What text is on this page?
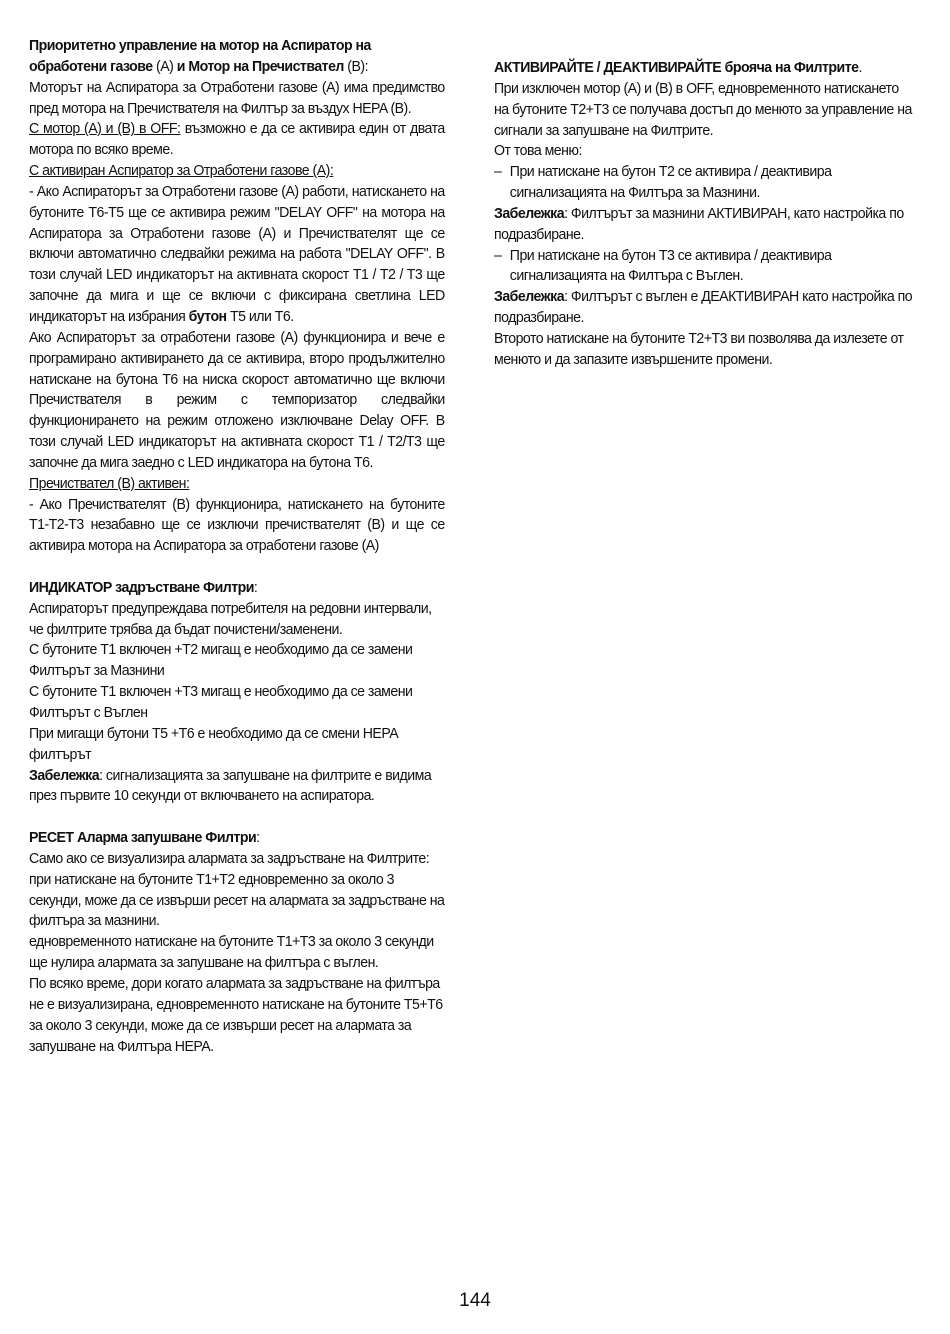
Приоритетно управление на мотор на Аспиратор на обработени газове (A) и Мотор на Пречиствател (B):

Моторът на Аспиратора за Отработени газове (A) има предимство пред мотора на Пречиствателя на Филтър за въздух HEPA (B).

С мотор (A) и (B) в OFF: възможно е да се активира един от двата мотора по всяко време.

С активиран Аспиратор за Отработени газове (A):

- Ако Аспираторът за Отработени газове (A) работи, натискането на бутоните T6-T5 ще се активира режим "DELAY OFF" на мотора на Аспиратора за Отработени газове (A) и Пречиствателят ще се включи автоматично следвайки режима на работа "DELAY OFF". В този случай LED индикаторът на активната скорост T1 / T2 / T3 ще започне да мига и ще се включи с фиксирана светлина LED индикаторът на избрания бутон T5 или T6.

Ако Аспираторът за отработени газове (A) функционира и вече е програмирано активирането да се активира, второ продължително натискане на бутона T6 на ниска скорост автоматично ще включи Пречиствателя в режим с темпоризатор следвайки функционирането на режим отложено изключване Delay OFF. В този случай LED индикаторът на активната скорост T1 / T2/T3 ще започне да мига заедно с LED индикатора на бутона T6.

Пречиствател (B) активен:

- Ако Пречиствателят (B) функционира, натискането на бутоните T1-T2-T3 незабавно ще се изключи пречиствателят (B) и ще се активира мотора на Аспиратора за отработени газове (A)

ИНДИКАТОР задръстване Филтри:

Аспираторът предупреждава потребителя на редовни интервали, че филтрите трябва да бъдат почистени/заменени.

С бутоните T1 включен +T2 мигащ е необходимо да се замени Филтърът за Мазнини

С бутоните T1 включен +T3 мигащ е необходимо да се замени Филтърът с Въглен

При мигащи бутони T5 +T6 е необходимо да се смени HEPA филтърът

Забележка: сигнализацията за запушване на филтрите е видима през първите 10 секунди от включването на аспиратора.

РЕСЕТ Аларма запушване Филтри:

Само ако се визуализира алармата за задръстване на Филтрите:

при натискане на бутоните T1+T2 едновременно за около 3 секунди, може да се извърши ресет на алармата за задръстване на филтъра за мазнини.

едновременното натискане на бутоните T1+T3 за около 3 секунди ще нулира алармата за запушване на филтъра с въглен.

По всяко време, дори когато алармата за задръстване на филтъра не е визуализирана, едновременното натискане на бутоните T5+T6 за около 3 секунди, може да се извърши ресет на алармата за запушване на Филтъра HEPA.

АКТИВИРАЙТЕ / ДЕАКТИВИРАЙТЕ брояча на Филтрите.

При изключен мотор (A) и (B) в OFF, едновременното натискането на бутоните T2+T3 се получава достъп до менюто за управление на сигнали за запушване на Филтрите.

От това меню:

– При натискане на бутон T2 се активира / деактивира сигнализацията на Филтъра за Мазнини.

Забележка: Филтърът за мазнини АКТИВИРАН, като настройка по подразбиране.

– При натискане на бутон T3 се активира / деактивира сигнализацията на Филтъра с Въглен.

Забележка: Филтърът с въглен е ДЕАКТИВИРАН като настройка по подразбиране.

Второто натискане на бутоните T2+T3 ви позволява да излезете от менюто и да запазите извършените промени.

144
